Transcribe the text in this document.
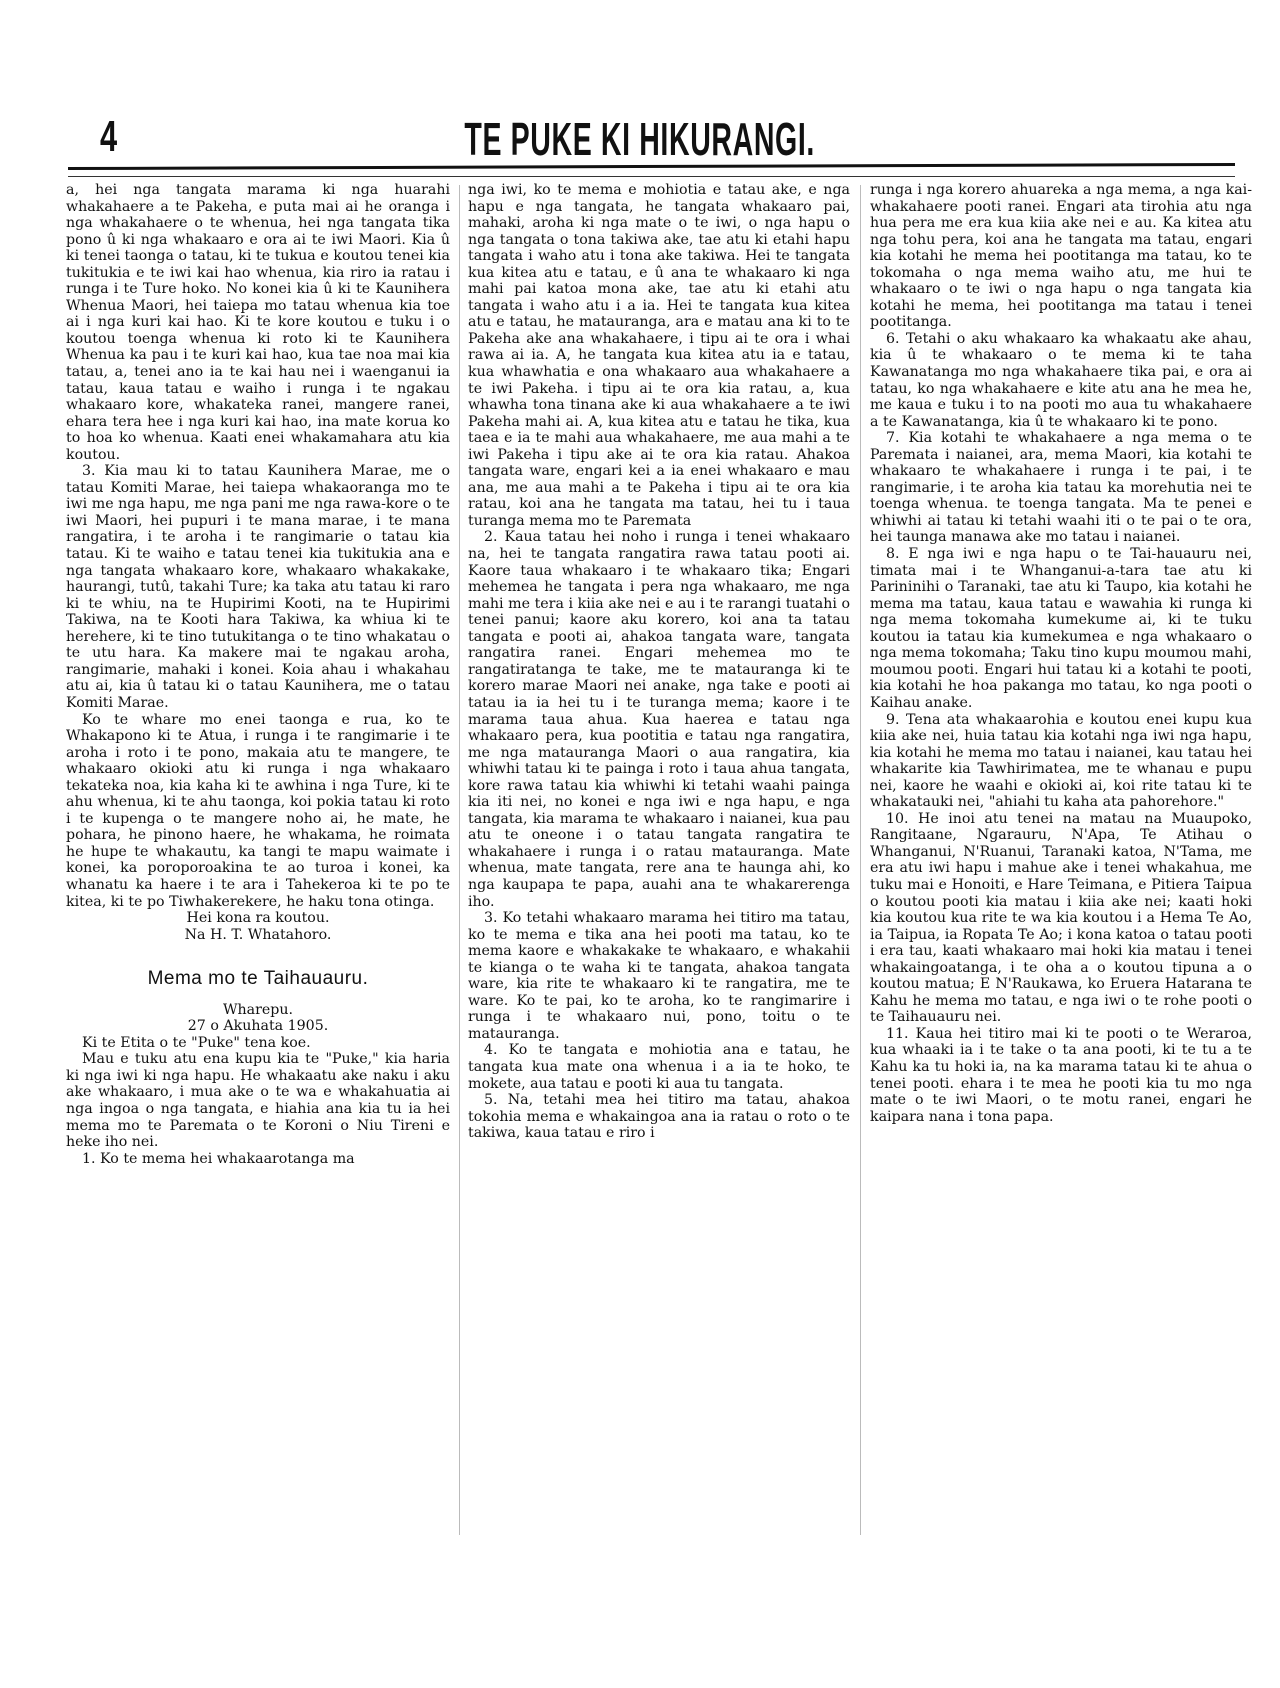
4	TE PUKE KI HIKURANGI.

a, hei nga tangata marama ki nga huarahi whakahaere a te Pakeha, e puta mai ai he oranga i nga whakahaere o te whenua, hei nga tangata tika pono û ki nga whakaaro e ora ai te iwi Maori. Kia û ki tenei taonga o tatau, ki te tukua e koutou tenei kia tukitukia e te iwi kai hao whenua, kia riro ia ratau i runga i te Ture hoko. No konei kia û ki te Kaunihera Whenua Maori, hei taiepa mo tatau whenua kia toe ai i nga kuri kai hao. Ki te kore koutou e tuku i o koutou toenga whenua ki roto ki te Kaunihera Whenua ka pau i te kuri kai hao, kua tae noa mai kia tatau, a, tenei ano ia te kai hau nei i waenganui ia tatau, kaua tatau e waiho i runga i te ngakau whakaaro kore, whakateka ranei, mangere ranei, ehara tera hee i nga kuri kai hao, ina mate korua ko to hoa ko whenua. Kaati enei whakamahara atu kia koutou.

3. Kia mau ki to tatau Kaunihera Marae, me o tatau Komiti Marae, hei taiepa whakaoranga mo te iwi me nga hapu, me nga pani me nga rawa-kore o te iwi Maori, hei pupuri i te mana marae, i te mana rangatira, i te aroha i te rangimarie o tatau kia tatau. Ki te waiho e tatau tenei kia tukitukia ana e nga tangata whakaaro kore, whakaaro whakakake, haurangi, tutû, takahi Ture; ka taka atu tatau ki raro ki te whiu, na te Hupirimi Kooti, na te Hupirimi Takiwa, na te Kooti hara Takiwa, ka whiua ki te herehere, ki te tino tutukitanga o te tino whakatau o te utu hara. Ka makere mai te ngakau aroha, rangimarie, mahaki i konei. Koia ahau i whakahau atu ai, kia û tatau ki o tatau Kaunihera, me o tatau Komiti Marae.

Ko te whare mo enei taonga e rua, ko te Whakapono ki te Atua, i runga i te rangimarie i te aroha i roto i te pono, makaia atu te mangere, te whakaaro okioki atu ki runga i nga whakaaro tekateka noa, kia kaha ki te awhina i nga Ture, ki te ahu whenua, ki te ahu taonga, koi pokia tatau ki roto i te kupenga o te mangere noho ai, he mate, he pohara, he pinono haere, he whakama, he roimata he hupe te whakautu, ka tangi te mapu waimate i konei, ka poroporoakina te ao turoa i konei, ka whanatu ka haere i te ara i Tahekeroa ki te po te kitea, ki te po Tiwhakerekere, he haku tona otinga.

Hei kona ra koutou.

Na H. T. Whatahoro.

Mema mo te Taihauauru.

Wharepu.

27 o Akuhata 1905.

Ki te Etita o te "Puke" tena koe.

Mau e tuku atu ena kupu kia te "Puke," kia haria ki nga iwi ki nga hapu. He whakaatu ake naku i aku ake whakaaro, i mua ake o te wa e whakahuatia ai nga ingoa o nga tangata, e hiahia ana kia tu ia hei mema mo te Paremata o te Koroni o Niu Tireni e heke iho nei.

1. Ko te mema hei whakaarotanga ma

nga iwi, ko te mema e mohiotia e tatau ake, e nga hapu e nga tangata, he tangata whakaaro pai, mahaki, aroha ki nga mate o te iwi, o nga hapu o nga tangata o tona takiwa ake, tae atu ki etahi hapu tangata i waho atu i tona ake takiwa. Hei te tangata kua kitea atu e tatau, e û ana te whakaaro ki nga mahi pai katoa mona ake, tae atu ki etahi atu tangata i waho atu i a ia. Hei te tangata kua kitea atu e tatau, he matauranga, ara e matau ana ki to te Pakeha ake ana whakahaere, i tipu ai te ora i whai rawa ai ia. A, he tangata kua kitea atu ia e tatau, kua whawhatia e ona whakaaro aua whakahaere a te iwi Pakeha. i tipu ai te ora kia ratau, a, kua whawha tona tinana ake ki aua whakahaere a te iwi Pakeha mahi ai. A, kua kitea atu e tatau he tika, kua taea e ia te mahi aua whakahaere, me aua mahi a te iwi Pakeha i tipu ake ai te ora kia ratau. Ahakoa tangata ware, engari kei a ia enei whakaaro e mau ana, me aua mahi a te Pakeha i tipu ai te ora kia ratau, koi ana he tangata ma tatau, hei tu i taua turanga mema mo te Paremata

2. Kaua tatau hei noho i runga i tenei whakaaro na, hei te tangata rangatira rawa tatau pooti ai. Kaore taua whakaaro i te whakaaro tika; Engari mehemea he tangata i pera nga whakaaro, me nga mahi me tera i kiia ake nei e au i te rarangi tuatahi o tenei panui; kaore aku korero, koi ana ta tatau tangata e pooti ai, ahakoa tangata ware, tangata rangatira ranei. Engari mehemea mo te rangatiratanga te take, me te matauranga ki te korero marae Maori nei anake, nga take e pooti ai tatau ia ia hei tu i te turanga mema; kaore i te marama taua ahua. Kua haerea e tatau nga whakaaro pera, kua pootitia e tatau nga rangatira, me nga matauranga Maori o aua rangatira, kia whiwhi tatau ki te painga i roto i taua ahua tangata, kore rawa tatau kia whiwhi ki tetahi waahi painga kia iti nei, no konei e nga iwi e nga hapu, e nga tangata, kia marama te whakaaro i naianei, kua pau atu te oneone i o tatau tangata rangatira te whakahaere i runga i o ratau matauranga. Mate whenua, mate tangata, rere ana te haunga ahi, ko nga kaupapa te papa, auahi ana te whakarerenga iho.

3. Ko tetahi whakaaro marama hei titiro ma tatau, ko te mema e tika ana hei pooti ma tatau, ko te mema kaore e whakakake te whakaaro, e whakahii te kianga o te waha ki te tangata, ahakoa tangata ware, kia rite te whakaaro ki te rangatira, me te ware. Ko te pai, ko te aroha, ko te rangimarire i runga i te whakaaro nui, pono, toitu o te matauranga.

4. Ko te tangata e mohiotia ana e tatau, he tangata kua mate ona whenua i a ia te hoko, te mokete, aua tatau e pooti ki aua tu tangata.

5. Na, tetahi mea hei titiro ma tatau, ahakoa tokohia mema e whakaingoa ana ia ratau o roto o te takiwa, kaua tatau e riro i

runga i nga korero ahuareka a nga mema, a nga kai-whakahaere pooti ranei. Engari ata tirohia atu nga hua pera me era kua kiia ake nei e au. Ka kitea atu nga tohu pera, koi ana he tangata ma tatau, engari kia kotahi he mema hei pootitanga ma tatau, ko te tokomaha o nga mema waiho atu, me hui te whakaaro o te iwi o nga hapu o nga tangata kia kotahi he mema, hei pootitanga ma tatau i tenei pootitanga.

6. Tetahi o aku whakaaro ka whakaatu ake ahau, kia û te whakaaro o te mema ki te taha Kawanatanga mo nga whakahaere tika pai, e ora ai tatau, ko nga whakahaere e kite atu ana he mea he, me kaua e tuku i to na pooti mo aua tu whakahaere a te Kawanatanga, kia û te whakaaro ki te pono.

7. Kia kotahi te whakahaere a nga mema o te Paremata i naianei, ara, mema Maori, kia kotahi te whakaaro te whakahaere i runga i te pai, i te rangimarie, i te aroha kia tatau ka morehutia nei te toenga whenua. te toenga tangata. Ma te penei e whiwhi ai tatau ki tetahi waahi iti o te pai o te ora, hei taunga manawa ake mo tatau i naianei.

8. E nga iwi e nga hapu o te Tai-hauauru nei, timata mai i te Whanganui-a-tara tae atu ki Parininihi o Taranaki, tae atu ki Taupo, kia kotahi he mema ma tatau, kaua tatau e wawahia ki runga ki nga mema tokomaha kumekume ai, ki te tuku koutou ia tatau kia kumekumea e nga whakaaro o nga mema tokomaha; Taku tino kupu moumou mahi, moumou pooti. Engari hui tatau ki a kotahi te pooti, kia kotahi he hoa pakanga mo tatau, ko nga pooti o Kaihau anake.

9. Tena ata whakaarohia e koutou enei kupu kua kiia ake nei, huia tatau kia kotahi nga iwi nga hapu, kia kotahi he mema mo tatau i naianei, kau tatau hei whakarite kia Tawhirimatea, me te whanau e pupu nei, kaore he waahi e okioki ai, koi rite tatau ki te whakatauki nei, "ahiahi tu kaha ata pahorehore."

10. He inoi atu tenei na matau na Muaupoko, Rangitaane, Ngarauru, N'Apa, Te Atihau o Whanganui, N'Ruanui, Taranaki katoa, N'Tama, me era atu iwi hapu i mahue ake i tenei whakahua, me tuku mai e Honoiti, e Hare Teimana, e Pitiera Taipua o koutou pooti kia matau i kiia ake nei; kaati hoki kia koutou kua rite te wa kia koutou i a Hema Te Ao, ia Taipua, ia Ropata Te Ao; i kona katoa o tatau pooti i era tau, kaati whakaaro mai hoki kia matau i tenei whakaingoatanga, i te oha a o koutou tipuna a o koutou matua; E N'Raukawa, ko Eruera Hatarana te Kahu he mema mo tatau, e nga iwi o te rohe pooti o te Taihauauru nei.

11. Kaua hei titiro mai ki te pooti o te Weraroa, kua whaaki ia i te take o ta ana pooti, ki te tu a te Kahu ka tu hoki ia, na ka marama tatau ki te ahua o tenei pooti. ehara i te mea he pooti kia tu mo nga mate o te iwi Maori, o te motu ranei, engari he kaipara nana i tona papa.
